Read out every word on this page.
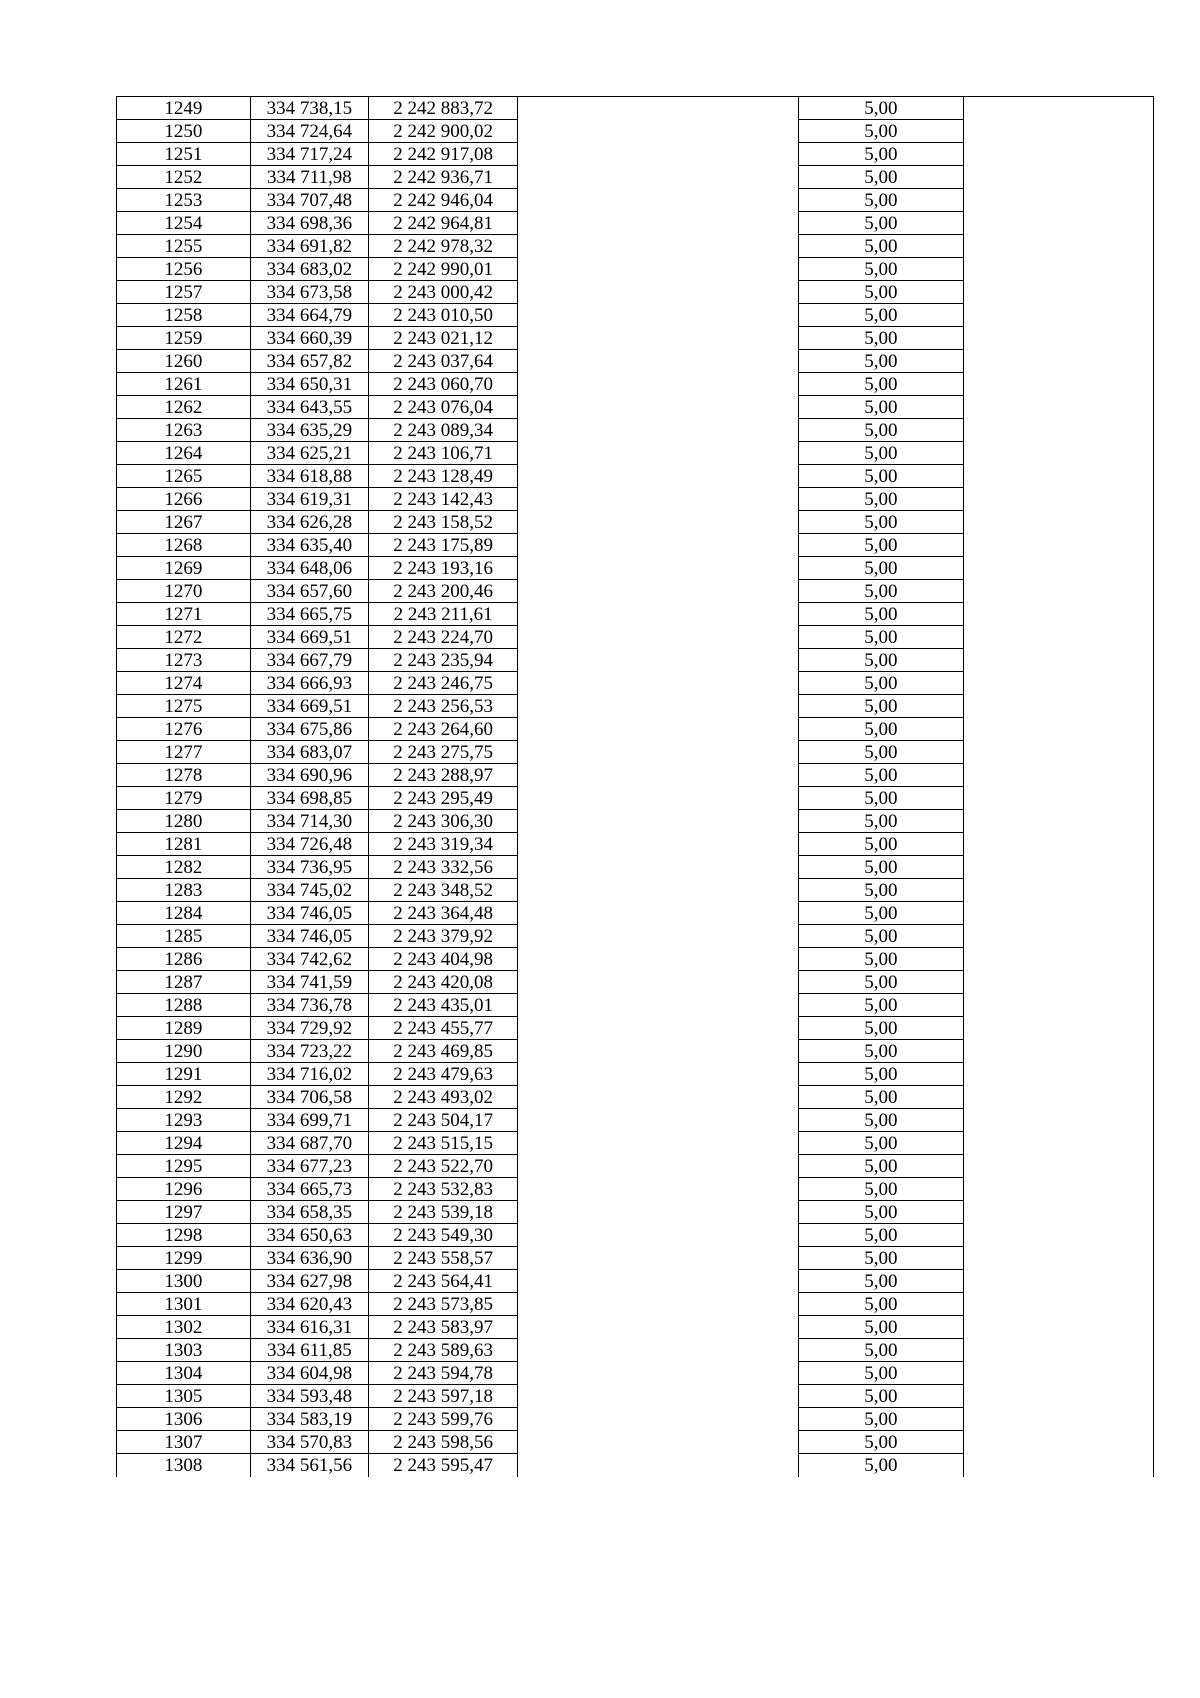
1249	334 738,15	2 242 883,72		5,00	
1250	334 724,64	2 242 900,02		5,00	
1251	334 717,24	2 242 917,08		5,00	
1252	334 711,98	2 242 936,71		5,00	
1253	334 707,48	2 242 946,04		5,00	
1254	334 698,36	2 242 964,81		5,00	
1255	334 691,82	2 242 978,32		5,00	
1256	334 683,02	2 242 990,01		5,00	
1257	334 673,58	2 243 000,42		5,00	
1258	334 664,79	2 243 010,50		5,00	
1259	334 660,39	2 243 021,12		5,00	
1260	334 657,82	2 243 037,64		5,00	
1261	334 650,31	2 243 060,70		5,00	
1262	334 643,55	2 243 076,04		5,00	
1263	334 635,29	2 243 089,34		5,00	
1264	334 625,21	2 243 106,71		5,00	
1265	334 618,88	2 243 128,49		5,00	
1266	334 619,31	2 243 142,43		5,00	
1267	334 626,28	2 243 158,52		5,00	
1268	334 635,40	2 243 175,89		5,00	
1269	334 648,06	2 243 193,16		5,00	
1270	334 657,60	2 243 200,46		5,00	
1271	334 665,75	2 243 211,61		5,00	
1272	334 669,51	2 243 224,70		5,00	
1273	334 667,79	2 243 235,94		5,00	
1274	334 666,93	2 243 246,75		5,00	
1275	334 669,51	2 243 256,53		5,00	
1276	334 675,86	2 243 264,60		5,00	
1277	334 683,07	2 243 275,75		5,00	
1278	334 690,96	2 243 288,97		5,00	
1279	334 698,85	2 243 295,49		5,00	
1280	334 714,30	2 243 306,30		5,00	
1281	334 726,48	2 243 319,34		5,00	
1282	334 736,95	2 243 332,56		5,00	
1283	334 745,02	2 243 348,52		5,00	
1284	334 746,05	2 243 364,48		5,00	
1285	334 746,05	2 243 379,92		5,00	
1286	334 742,62	2 243 404,98		5,00	
1287	334 741,59	2 243 420,08		5,00	
1288	334 736,78	2 243 435,01		5,00	
1289	334 729,92	2 243 455,77		5,00	
1290	334 723,22	2 243 469,85		5,00	
1291	334 716,02	2 243 479,63		5,00	
1292	334 706,58	2 243 493,02		5,00	
1293	334 699,71	2 243 504,17		5,00	
1294	334 687,70	2 243 515,15		5,00	
1295	334 677,23	2 243 522,70		5,00	
1296	334 665,73	2 243 532,83		5,00	
1297	334 658,35	2 243 539,18		5,00	
1298	334 650,63	2 243 549,30		5,00	
1299	334 636,90	2 243 558,57		5,00	
1300	334 627,98	2 243 564,41		5,00	
1301	334 620,43	2 243 573,85		5,00	
1302	334 616,31	2 243 583,97		5,00	
1303	334 611,85	2 243 589,63		5,00	
1304	334 604,98	2 243 594,78		5,00	
1305	334 593,48	2 243 597,18		5,00	
1306	334 583,19	2 243 599,76		5,00	
1307	334 570,83	2 243 598,56		5,00	
1308	334 561,56	2 243 595,47		5,00	
